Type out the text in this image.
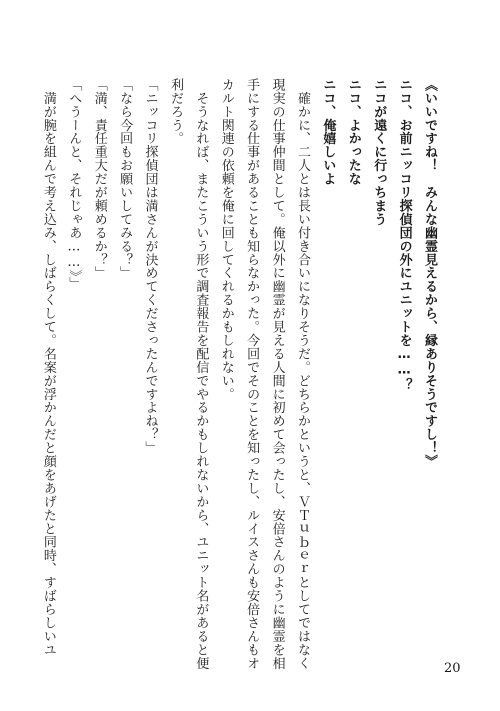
《いいですね！　みんな幽霊見えるから、縁ありそうですし！》
ニコ、お前ニッコリ探偵団の外にユニットを……？
ニコが遠くに行っちまう
ニコ、よかったな
ニコ、俺嬉しいよ
　確かに、二人とは長い付き合いになりそうだ。どちらかというと、ＶＴｕｂｅｒとしてではなく
現実の仕事仲間として。俺以外に幽霊が見える人間に初めて会ったし、安倍さんのように幽霊を相
手にする仕事があることも知らなかった。今回でそのことを知ったし、ルイスさんも安倍さんもオ
カルト関連の依頼を俺に回してくれるかもしれない。
　そうなれば、またこういう形で調査報告を配信でやるかもしれないから、ユニット名があると便
利だろう。
「ニッコリ探偵団は満さんが決めてくださったんですよね？」
「なら今回もお願いしてみる？」
「満、責任重大だが頼めるか？」
「へうーんと、それじゃあ……》」
　満が腕を組んで考え込み、しばらくして。名案が浮かんだと顔をあげたと同時、すばらしいユ
20
